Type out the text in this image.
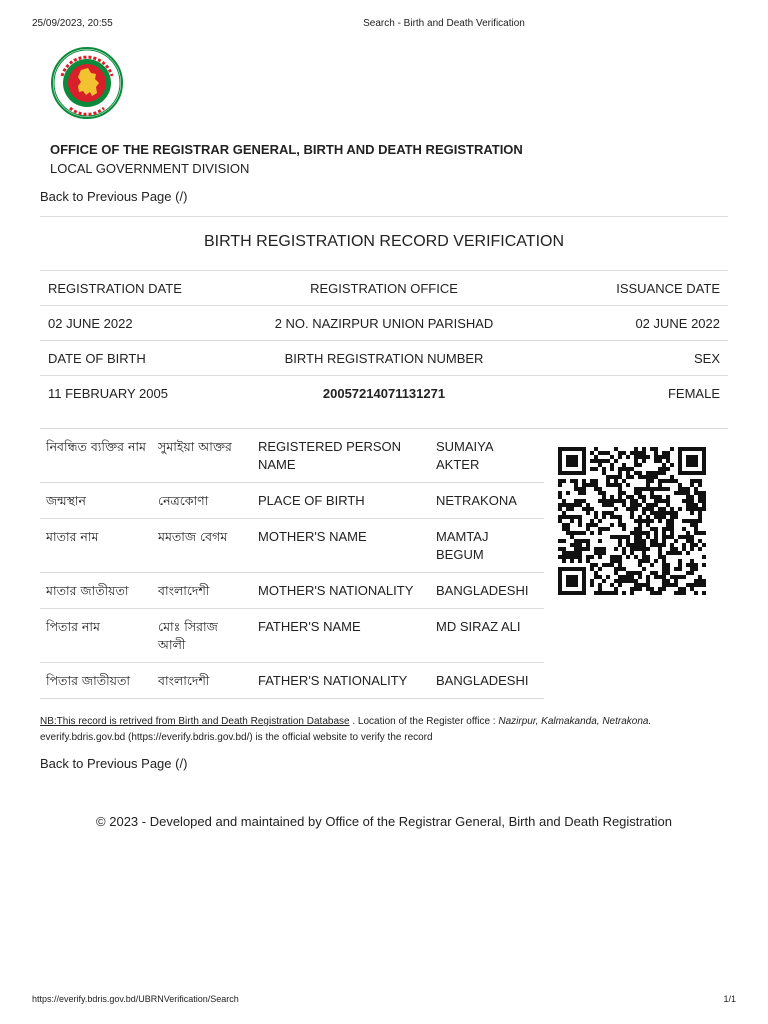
25/09/2023, 20:55	Search - Birth and Death Verification
OFFICE OF THE REGISTRAR GENERAL, BIRTH AND DEATH REGISTRATION
LOCAL GOVERNMENT DIVISION
Back to Previous Page (/)
BIRTH REGISTRATION RECORD VERIFICATION
REGISTRATION DATE	REGISTRATION OFFICE	ISSUANCE DATE
02 JUNE 2022	2 NO. NAZIRPUR UNION PARISHAD	02 JUNE 2022
DATE OF BIRTH	BIRTH REGISTRATION NUMBER	SEX
11 FEBRUARY 2005	20057214071131271	FEMALE
নিবন্ধিত ব্যক্তির নাম	সুমাইয়া আক্তর	REGISTERED PERSON NAME	SUMAIYA AKTER
জন্মস্থান	নেত্রকোণা	PLACE OF BIRTH	NETRAKONA
মাতার নাম	মমতাজ বেগম	MOTHER'S NAME	MAMTAJ BEGUM
মাতার জাতীয়তা	বাংলাদেশী	MOTHER'S NATIONALITY	BANGLADESHI
পিতার নাম	মোঃ সিরাজ আলী	FATHER'S NAME	MD SIRAZ ALI
পিতার জাতীয়তা	বাংলাদেশী	FATHER'S NATIONALITY	BANGLADESHI
NB:This record is retrived from Birth and Death Registration Database . Location of the Register office : Nazirpur, Kalmakanda, Netrakona.
everify.bdris.gov.bd (https://everify.bdris.gov.bd/) is the official website to verify the record
Back to Previous Page (/)
© 2023 - Developed and maintained by Office of the Registrar General, Birth and Death Registration
https://everify.bdris.gov.bd/UBRNVerification/Search	1/1
